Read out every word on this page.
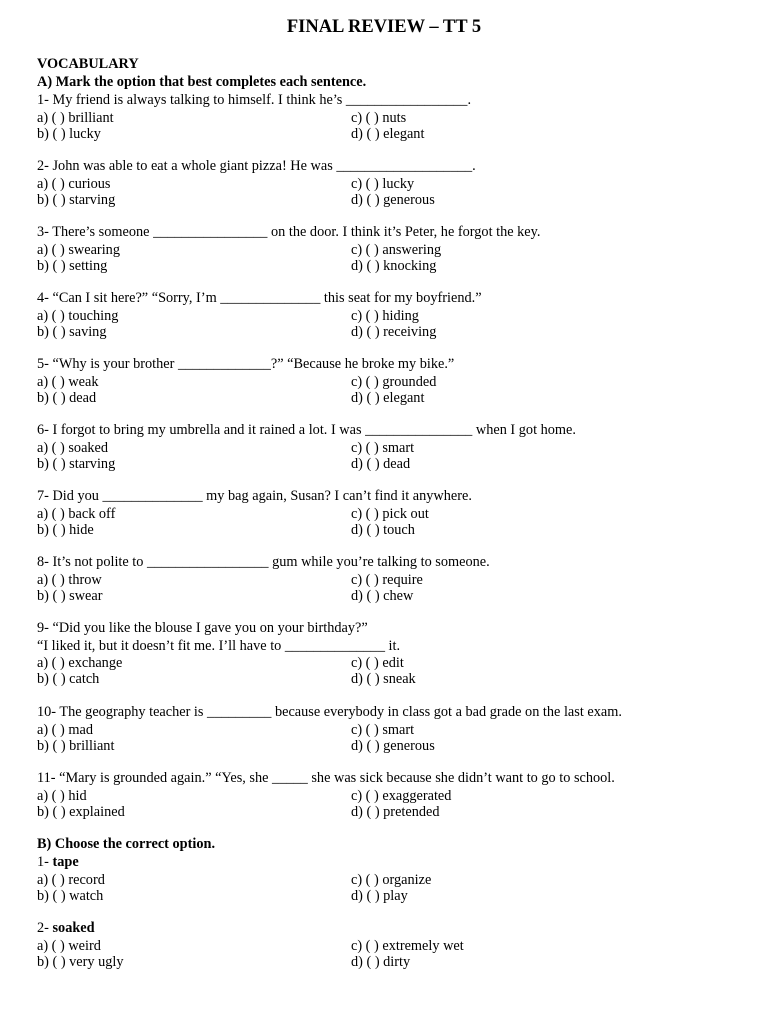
FINAL REVIEW – TT 5
VOCABULARY
A) Mark the option that best completes each sentence.
1- My friend is always talking to himself. I think he’s _________________.
a) ( ) brilliant	c) ( ) nuts
b) ( ) lucky	d) ( ) elegant
2- John was able to eat a whole giant pizza! He was ___________________.
a) ( ) curious	c) ( ) lucky
b) ( ) starving	d) ( ) generous
3- There’s someone ________________ on the door. I think it’s Peter, he forgot the key.
a) ( ) swearing	c) ( ) answering
b) ( ) setting	d) ( ) knocking
4- “Can I sit here?” “Sorry, I’m ______________ this seat for my boyfriend.”
a) ( ) touching	c) ( ) hiding
b) ( ) saving	d) ( ) receiving
5- “Why is your brother _____________?” “Because he broke my bike.”
a) ( ) weak	c) ( ) grounded
b) ( ) dead	d) ( ) elegant
6- I forgot to bring my umbrella and it rained a lot. I was _______________ when I got home.
a) ( ) soaked	c) ( ) smart
b) ( ) starving	d) ( ) dead
7- Did you ______________ my bag again, Susan? I can’t find it anywhere.
a) ( ) back off	c) ( ) pick out
b) ( ) hide	d) ( ) touch
8- It’s not polite to _________________ gum while you’re talking to someone.
a) ( ) throw	c) ( ) require
b) ( ) swear	d) ( ) chew
9- “Did you like the blouse I gave you on your birthday?”
“I liked it, but it doesn’t fit me. I’ll have to ______________ it.
a) ( ) exchange	c) ( ) edit
b) ( ) catch	d) ( ) sneak
10- The geography teacher is _________ because everybody in class got a bad grade on the last exam.
a) ( ) mad	c) ( ) smart
b) ( ) brilliant	d) ( ) generous
11- “Mary is grounded again.” “Yes, she _____ she was sick because she didn’t want to go to school.
a) ( ) hid	c) ( ) exaggerated
b) ( ) explained	d) ( ) pretended
B) Choose the correct option.
1- tape
a) ( ) record	c) ( ) organize
b) ( ) watch	d) ( ) play
2- soaked
a) ( ) weird	c) ( ) extremely wet
b) ( ) very ugly	d) ( ) dirty
